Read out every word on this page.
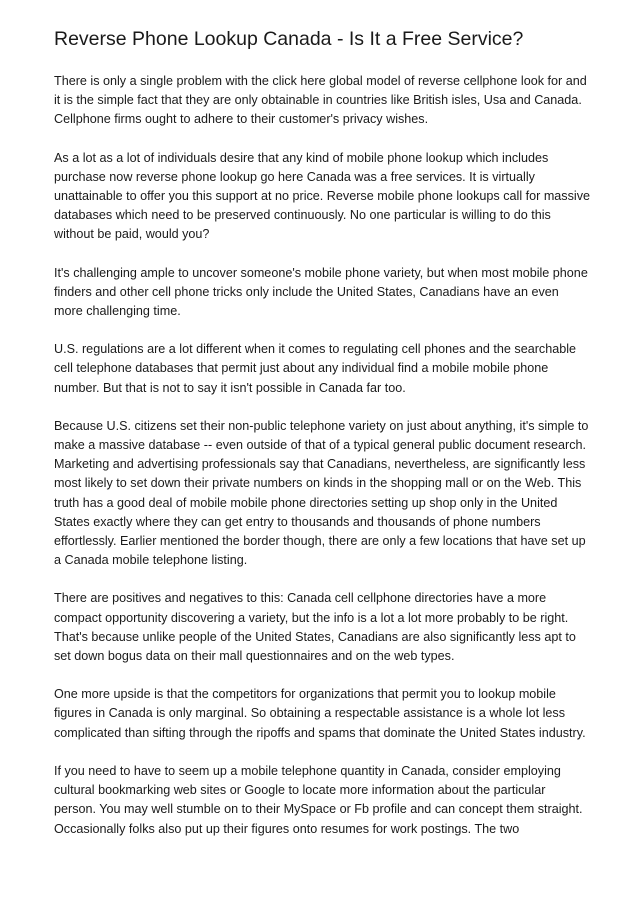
Reverse Phone Lookup Canada - Is It a Free Service?

There is only a single problem with the click here global model of reverse cellphone look for and it is the simple fact that they are only obtainable in countries like British isles, Usa and Canada. Cellphone firms ought to adhere to their customer's privacy wishes.

As a lot as a lot of individuals desire that any kind of mobile phone lookup which includes purchase now reverse phone lookup go here Canada was a free services. It is virtually unattainable to offer you this support at no price. Reverse mobile phone lookups call for massive databases which need to be preserved continuously. No one particular is willing to do this without be paid, would you?

It's challenging ample to uncover someone's mobile phone variety, but when most mobile phone finders and other cell phone tricks only include the United States, Canadians have an even more challenging time.

U.S. regulations are a lot different when it comes to regulating cell phones and the searchable cell telephone databases that permit just about any individual find a mobile mobile phone number. But that is not to say it isn't possible in Canada far too.

Because U.S. citizens set their non-public telephone variety on just about anything, it's simple to make a massive database -- even outside of that of a typical general public document research. Marketing and advertising professionals say that Canadians, nevertheless, are significantly less most likely to set down their private numbers on kinds in the shopping mall or on the Web. This truth has a good deal of mobile mobile phone directories setting up shop only in the United States exactly where they can get entry to thousands and thousands of phone numbers effortlessly. Earlier mentioned the border though, there are only a few locations that have set up a Canada mobile telephone listing.

There are positives and negatives to this: Canada cell cellphone directories have a more compact opportunity discovering a variety, but the info is a lot a lot more probably to be right. That's because unlike people of the United States, Canadians are also significantly less apt to set down bogus data on their mall questionnaires and on the web types.

One more upside is that the competitors for organizations that permit you to lookup mobile figures in Canada is only marginal. So obtaining a respectable assistance is a whole lot less complicated than sifting through the ripoffs and spams that dominate the United States industry.

If you need to have to seem up a mobile telephone quantity in Canada, consider employing cultural bookmarking web sites or Google to locate more information about the particular person. You may well stumble on to their MySpace or Fb profile and can concept them straight. Occasionally folks also put up their figures onto resumes for work postings. The two
